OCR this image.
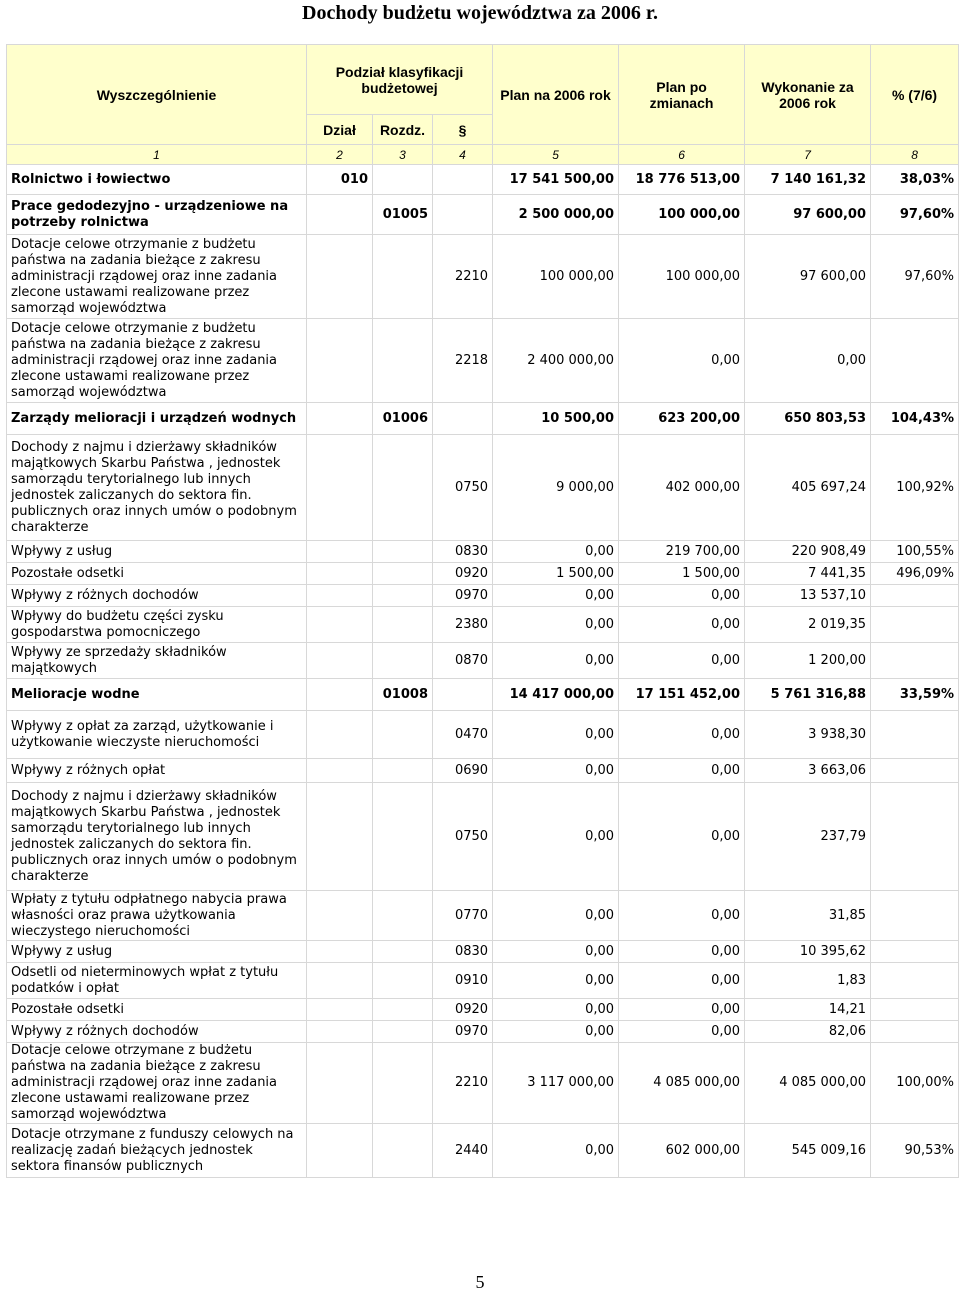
Dochody budżetu województwa za 2006 r.
Wyszczególnienie	Podział klasyfikacji budżetowej			Plan na 2006 rok	Plan po zmianach	Wykonanie za 2006 rok	% (7/6)
	Dział	Rozdz.	§				
1	2	3	4	5	6	7	8
Rolnictwo i łowiectwo	010			17 541 500,00	18 776 513,00	7 140 161,32	38,03%
Prace gedodezyjno - urządzeniowe na potrzeby rolnictwa		01005		2 500 000,00	100 000,00	97 600,00	97,60%
Dotacje celowe otrzymanie z budżetu państwa na zadania bieżące z zakresu administracji rządowej oraz inne zadania zlecone ustawami realizowane przez samorząd województwa			2210	100 000,00	100 000,00	97 600,00	97,60%
Dotacje celowe otrzymanie z budżetu państwa na zadania bieżące z zakresu administracji rządowej oraz inne zadania zlecone ustawami realizowane przez samorząd województwa			2218	2 400 000,00	0,00	0,00	
Zarządy melioracji i urządzeń wodnych		01006		10 500,00	623 200,00	650 803,53	104,43%
Dochody z najmu i dzierżawy składników majątkowych Skarbu Państwa , jednostek samorządu terytorialnego lub innych jednostek zaliczanych do sektora fin. publicznych oraz innych umów o podobnym charakterze			0750	9 000,00	402 000,00	405 697,24	100,92%
Wpływy z usług			0830	0,00	219 700,00	220 908,49	100,55%
Pozostałe odsetki			0920	1 500,00	1 500,00	7 441,35	496,09%
Wpływy z różnych dochodów			0970	0,00	0,00	13 537,10	
Wpływy do budżetu części zysku gospodarstwa pomocniczego			2380	0,00	0,00	2 019,35	
Wpływy ze sprzedaży składników majątkowych			0870	0,00	0,00	1 200,00	
Melioracje wodne		01008		14 417 000,00	17 151 452,00	5 761 316,88	33,59%
Wpływy z opłat za zarząd, użytkowanie i użytkowanie wieczyste nieruchomości			0470	0,00	0,00	3 938,30	
Wpływy z różnych opłat			0690	0,00	0,00	3 663,06	
Dochody z najmu i dzierżawy składników majątkowych Skarbu Państwa , jednostek samorządu terytorialnego lub innych jednostek zaliczanych do sektora fin. publicznych oraz innych umów o podobnym charakterze			0750	0,00	0,00	237,79	
Wpłaty z tytułu odpłatnego nabycia prawa własności oraz prawa użytkowania wieczystego nieruchomości			0770	0,00	0,00	31,85	
Wpływy z usług			0830	0,00	0,00	10 395,62	
Odsetli od nieterminowych wpłat z tytułu podatków i opłat			0910	0,00	0,00	1,83	
Pozostałe odsetki			0920	0,00	0,00	14,21	
Wpływy z różnych dochodów			0970	0,00	0,00	82,06	
Dotacje celowe otrzymane z budżetu państwa na zadania bieżące z zakresu administracji rządowej oraz inne zadania zlecone ustawami realizowane przez samorząd województwa			2210	3 117 000,00	4 085 000,00	4 085 000,00	100,00%
Dotacje otrzymane z funduszy celowych na realizację zadań bieżących jednostek sektora finansów publicznych			2440	0,00	602 000,00	545 009,16	90,53%
5
